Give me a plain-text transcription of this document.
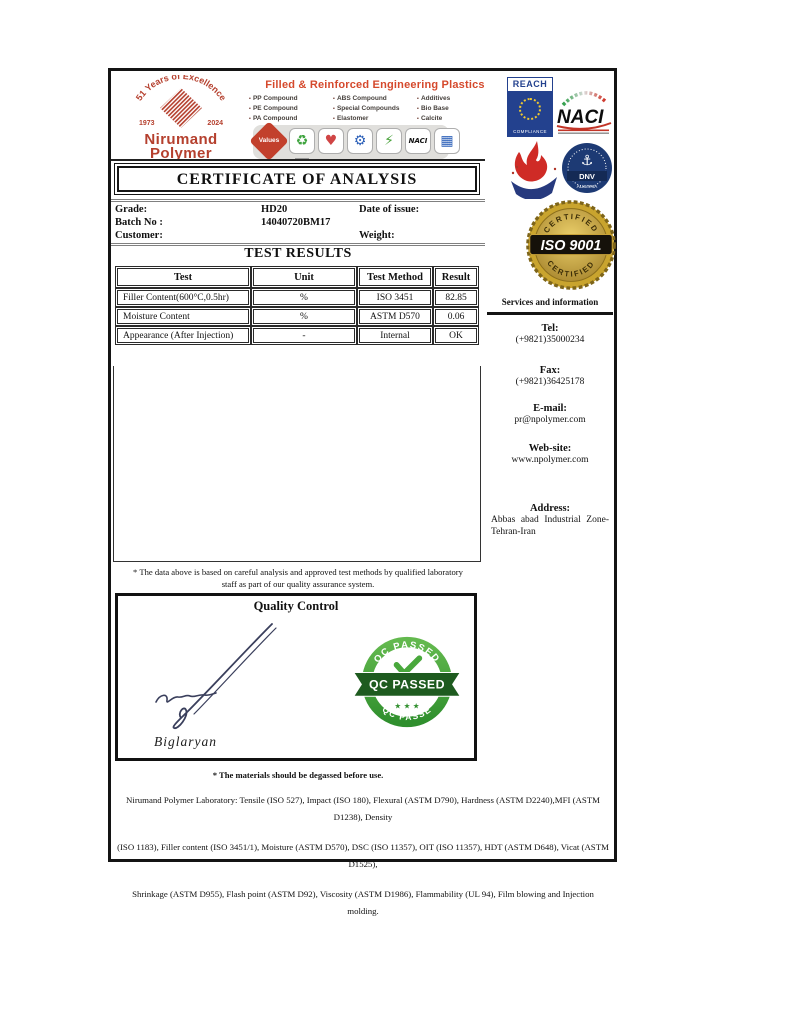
51 Years of Excellence
1973	2024
Nirumand
Polymer
Filled & Reinforced Engineering Plastics
▪ PP Compound
▪ PE Compound
▪ PA Compound
▪ ABS Compound
▪ Special Compounds
▪ Elastomer
▪ Additives
▪ Bio Base
▪ Calcite
Values	♻	♥	⚙	⚡	NACI ▦
REACH
COMPLIANCE
NACI
⚓
DNV
AUSTRIA
CERTIFIED
CERTIFIED
ISO 9001
Services and information
Tel:
(+9821)35000234
Fax:
(+9821)36425178
E-mail:
pr@npolymer.com
Web-site:
www.npolymer.com
Address:
Abbas abad Industrial Zone-Tehran-Iran
CERTIFICATE OF ANALYSIS
Grade:	HD20	Date of issue:
Batch No :	14040720BM17
Customer:	Weight:
TEST RESULTS
Test	Unit	Test Method	Result
Filler Content(600°C,0.5hr)	%	ISO 3451	82.85
Moisture Content	%	ASTM D570	0.06
Appearance (After Injection)	-	Internal	OK
* The data above is based on careful analysis and approved test methods by qualified laboratory
staff as part of our quality assurance system.
Quality Control
Biglaryan
QC PASSED
QC PASSED
★ ★ ★
QC PASSE
* The materials should be degassed before use.

Nirumand Polymer Laboratory: Tensile (ISO 527), Impact (ISO 180), Flexural (ASTM D790), Hardness (ASTM D2240),MFI (ASTM D1238), Density

(ISO 1183), Filler content (ISO 3451/1), Moisture (ASTM D570), DSC (ISO 11357), OIT (ISO 11357), HDT (ASTM D648), Vicat (ASTM D1525),

Shrinkage (ASTM D955), Flash point (ASTM D92), Viscosity (ASTM D1986), Flammability (UL 94), Film blowing and Injection molding.
